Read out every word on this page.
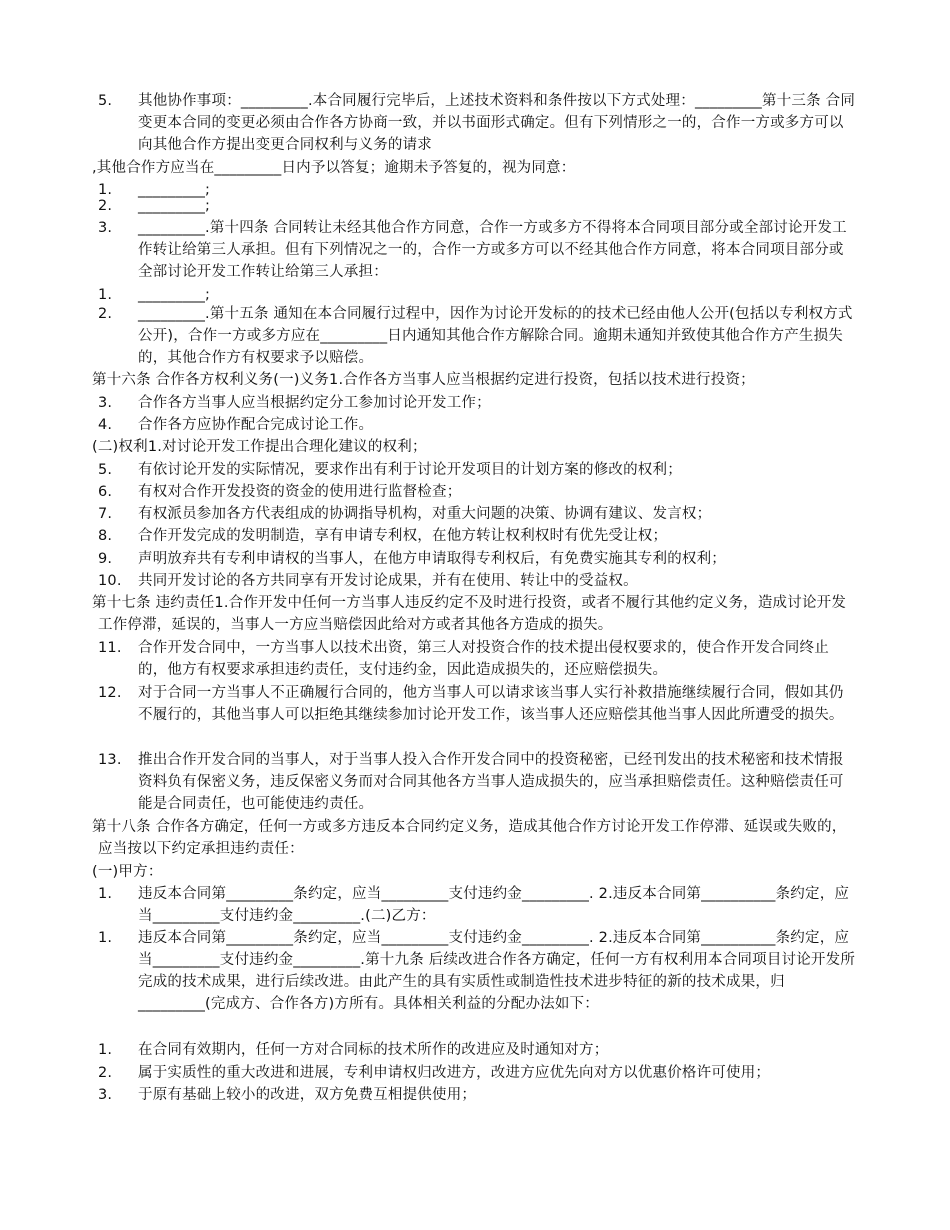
5.	其他协作事项：_________.本合同履行完毕后，上述技术资料和条件按以下方式处理：_________第十三条 合同变更本合同的变更必须由合作各方协商一致，并以书面形式确定。但有下列情形之一的，合作一方或多方可以向其他合作方提出变更合同权利与义务的请求
,其他合作方应当在_________日内予以答复；逾期未予答复的，视为同意：
1.	_________;
2.	_________;
3.	_________.第十四条 合同转让未经其他合作方同意，合作一方或多方不得将本合同项目部分或全部讨论开发工作转让给第三人承担。但有下列情况之一的，合作一方或多方可以不经其他合作方同意，将本合同项目部分或全部讨论开发工作转让给第三人承担：
1.	_________;
2.	_________.第十五条 通知在本合同履行过程中，因作为讨论开发标的的技术已经由他人公开(包括以专利权方式公开)，合作一方或多方应在_________日内通知其他合作方解除合同。逾期未通知并致使其他合作方产生损失的，其他合作方有权要求予以赔偿。
第十六条 合作各方权利义务(一)义务1.合作各方当事人应当根据约定进行投资，包括以技术进行投资；
3.	合作各方当事人应当根据约定分工参加讨论开发工作；
4.	合作各方应协作配合完成讨论工作。
(二)权利1.对讨论开发工作提出合理化建议的权利；
5.	有依讨论开发的实际情况，要求作出有利于讨论开发项目的计划方案的修改的权利；
6.	有权对合作开发投资的资金的使用进行监督检查；
7.	有权派员参加各方代表组成的协调指导机构，对重大问题的决策、协调有建议、发言权；
8.	合作开发完成的发明制造，享有申请专利权，在他方转让权利权时有优先受让权；
9.	声明放弃共有专利申请权的当事人，在他方申请取得专利权后，有免费实施其专利的权利；
10.	共同开发讨论的各方共同享有开发讨论成果，并有在使用、转让中的受益权。
第十七条 违约责任1.合作开发中任何一方当事人违反约定不及时进行投资，或者不履行其他约定义务，造成讨论开发工作停滞，延误的，当事人一方应当赔偿因此给对方或者其他各方造成的损失。
11.	合作开发合同中，一方当事人以技术出资，第三人对投资合作的技术提出侵权要求的，使合作开发合同终止的，他方有权要求承担违约责任，支付违约金，因此造成损失的，还应赔偿损失。
12.	对于合同一方当事人不正确履行合同的，他方当事人可以请求该当事人实行补救措施继续履行合同，假如其仍不履行的，其他当事人可以拒绝其继续参加讨论开发工作，该当事人还应赔偿其他当事人因此所遭受的损失。
13.	推出合作开发合同的当事人，对于当事人投入合作开发合同中的投资秘密，已经刊发出的技术秘密和技术情报资料负有保密义务，违反保密义务而对合同其他各方当事人造成损失的，应当承担赔偿责任。这种赔偿责任可能是合同责任，也可能使违约责任。
第十八条 合作各方确定，任何一方或多方违反本合同约定义务，造成其他合作方讨论开发工作停滞、延误或失败的，应当按以下约定承担违约责任：
(一)甲方：
1.	违反本合同第_________条约定，应当_________支付违约金_________. 2.违反本合同第__________条约定，应当_________支付违约金_________.(二)乙方：
1.	违反本合同第_________条约定，应当_________支付违约金_________. 2.违反本合同第__________条约定，应当_________支付违约金_________.第十九条 后续改进合作各方确定，任何一方有权利用本合同项目讨论开发所完成的技术成果，进行后续改进。由此产生的具有实质性或制造性技术进步特征的新的技术成果，归_________(完成方、合作各方)方所有。具体相关利益的分配办法如下：
1.	在合同有效期内，任何一方对合同标的技术所作的改进应及时通知对方；
2.	属于实质性的重大改进和进展，专利申请权归改进方，改进方应优先向对方以优惠价格许可使用；
3.	于原有基础上较小的改进，双方免费互相提供使用；
